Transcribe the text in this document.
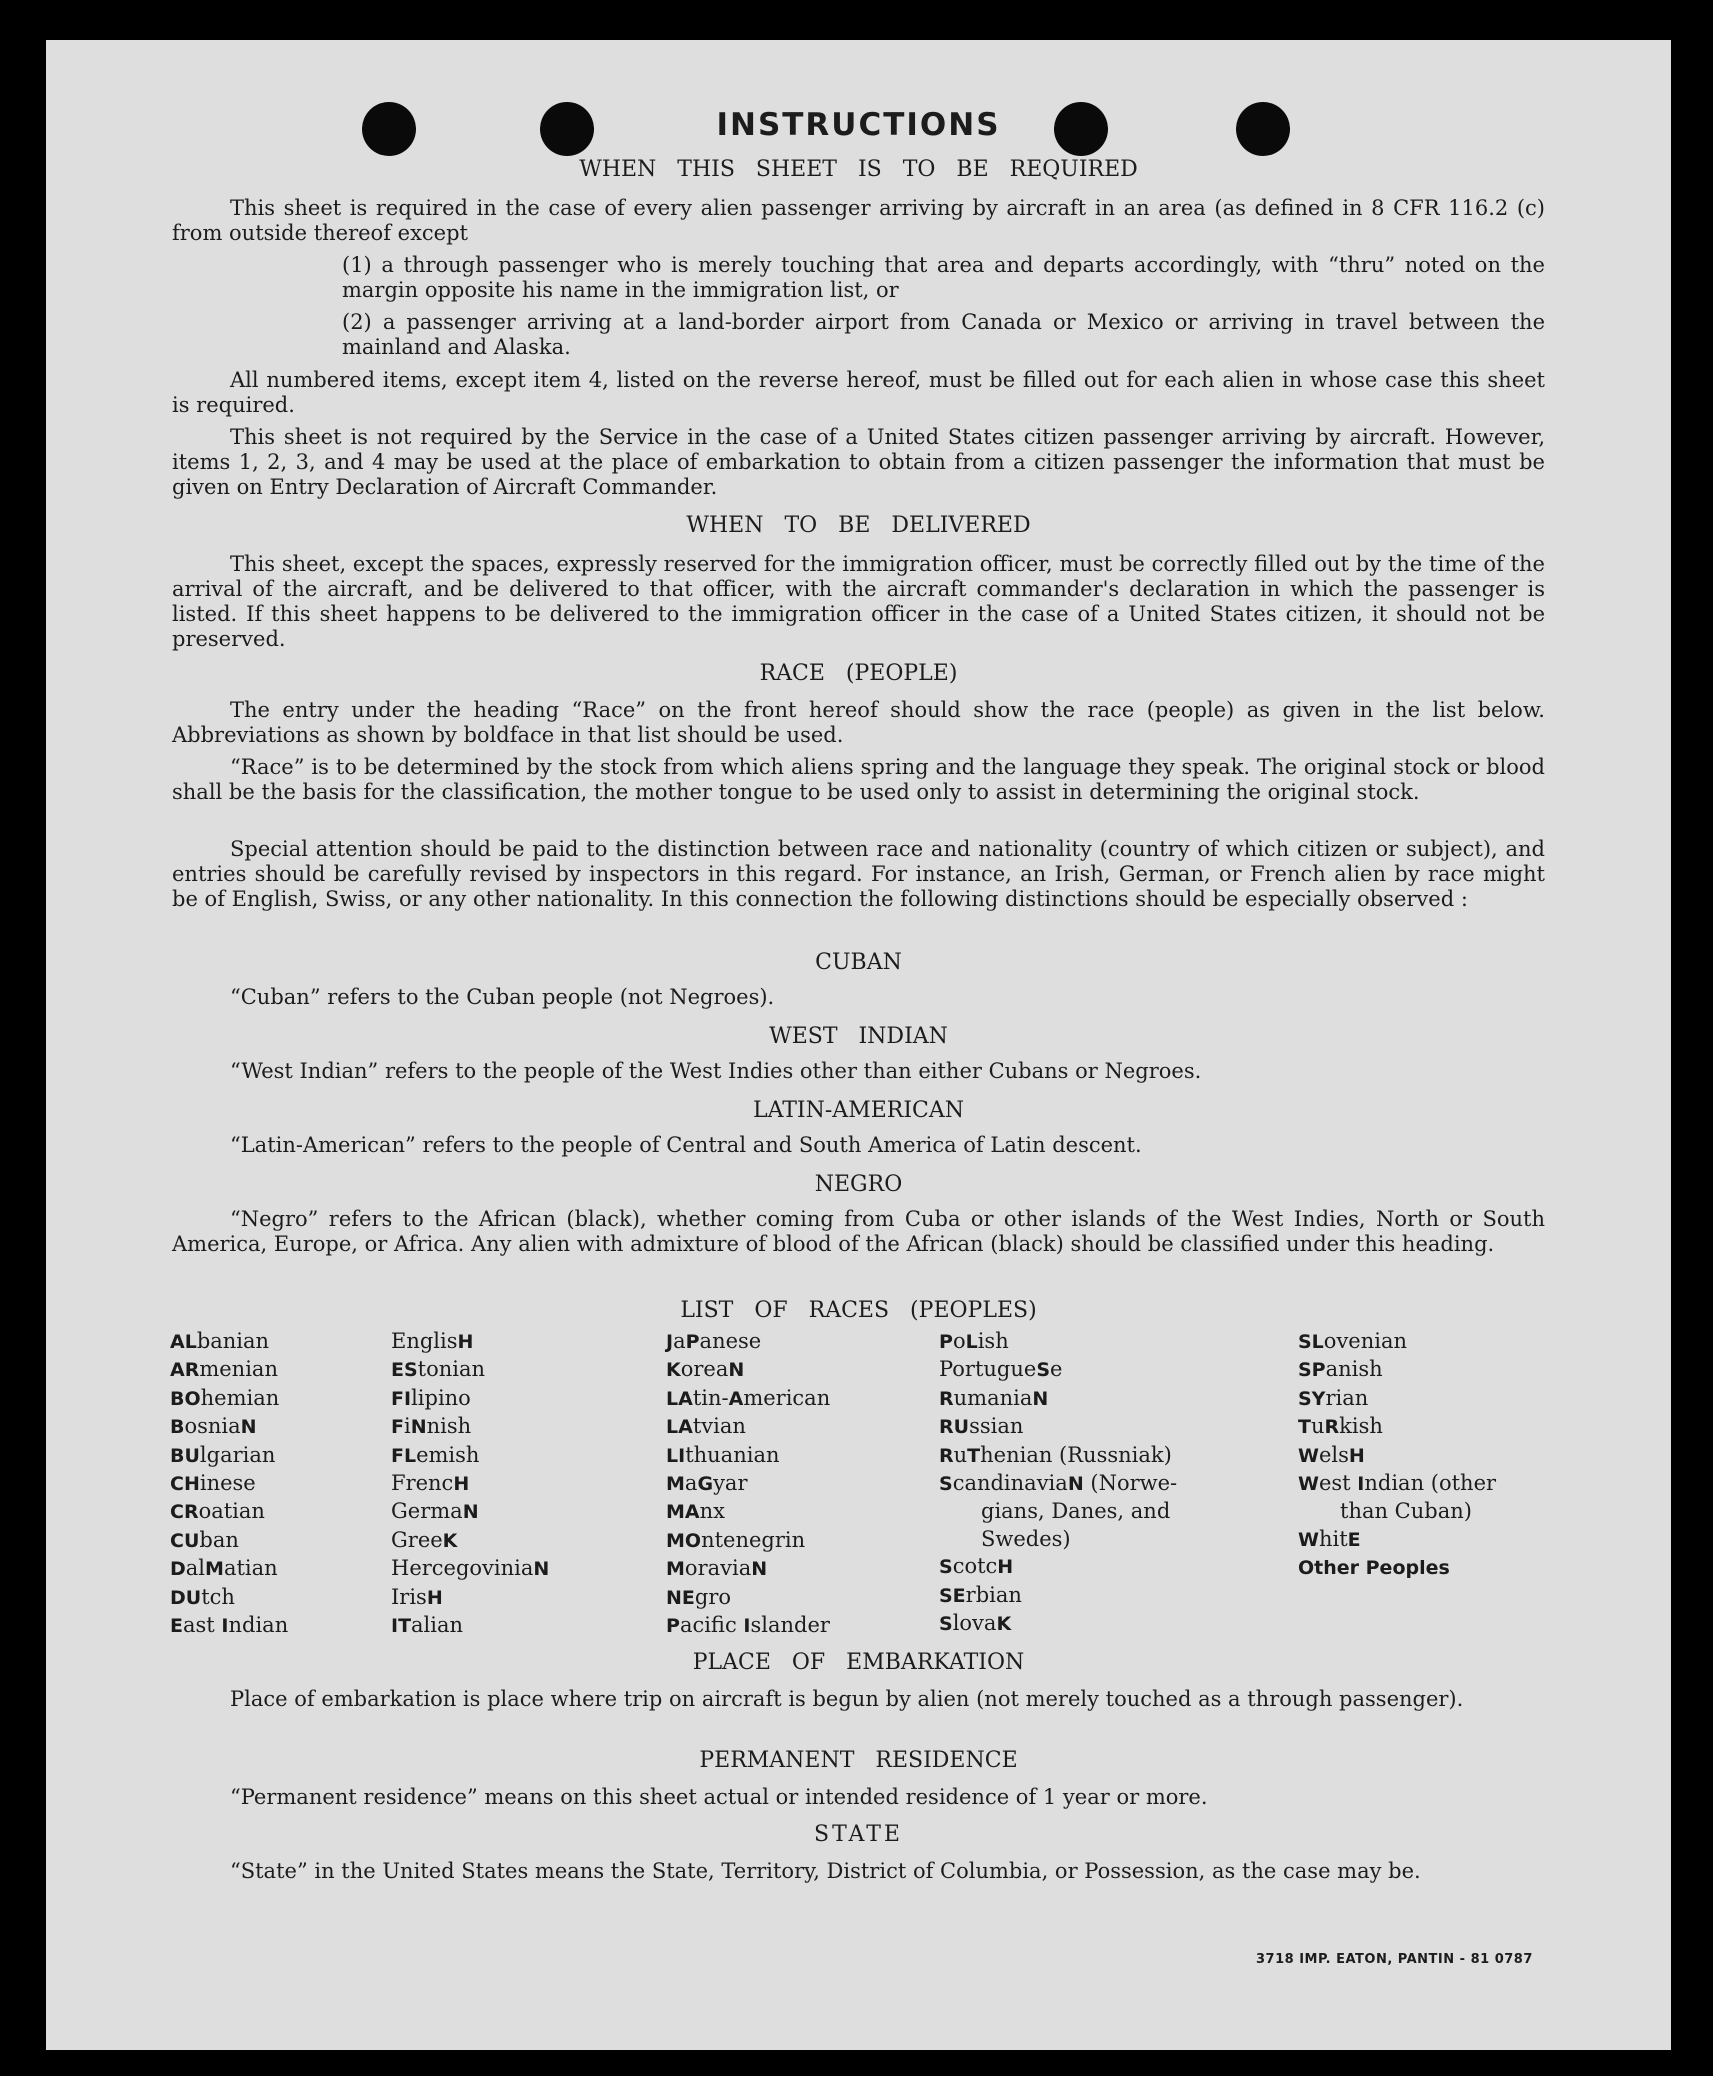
INSTRUCTIONS
WHEN THIS SHEET IS TO BE REQUIRED

This sheet is required in the case of every alien passenger arriving by aircraft in an area (as defined in 8 CFR 116.2 (c) from outside thereof except

(1) a through passenger who is merely touching that area and departs accordingly, with “thru” noted on the margin opposite his name in the immigration list, or

(2) a passenger arriving at a land-border airport from Canada or Mexico or arriving in travel between the mainland and Alaska.

All numbered items, except item 4, listed on the reverse hereof, must be filled out for each alien in whose case this sheet is required.

This sheet is not required by the Service in the case of a United States citizen passenger arriving by aircraft. However, items 1, 2, 3, and 4 may be used at the place of embarkation to obtain from a citizen passenger the information that must be given on Entry Declaration of Aircraft Commander.

WHEN TO BE DELIVERED

This sheet, except the spaces, expressly reserved for the immigration officer, must be correctly filled out by the time of the arrival of the aircraft, and be delivered to that officer, with the aircraft commander's declaration in which the passenger is listed. If this sheet happens to be delivered to the immigration officer in the case of a United States citizen, it should not be preserved.

RACE (PEOPLE)

The entry under the heading “Race” on the front hereof should show the race (people) as given in the list below. Abbreviations as shown by boldface in that list should be used.

“Race” is to be determined by the stock from which aliens spring and the language they speak. The original stock or blood shall be the basis for the classification, the mother tongue to be used only to assist in determining the original stock.

Special attention should be paid to the distinction between race and nationality (country of which citizen or subject), and entries should be carefully revised by inspectors in this regard. For instance, an Irish, German, or French alien by race might be of English, Swiss, or any other nationality. In this connection the following distinctions should be especially observed :

CUBAN

“Cuban” refers to the Cuban people (not Negroes).

WEST INDIAN

“West Indian” refers to the people of the West Indies other than either Cubans or Negroes.

LATIN-AMERICAN

“Latin-American” refers to the people of Central and South America of Latin descent.

NEGRO

“Negro” refers to the African (black), whether coming from Cuba or other islands of the West Indies, North or South America, Europe, or Africa. Any alien with admixture of blood of the African (black) should be classified under this heading.

LIST OF RACES (PEOPLES)
ALbanian
ARmenian
BOhemian
BosniaN
BUlgarian
CHinese
CRoatian
CUban
DalMatian
DUtch
East Indian
EnglisH
EStonian
FIlipino
FiNnish
FLemish
FrencH
GermaN
GreeK
HercegoviniaN
IrisH
ITalian
JaPanese
KoreaN
LAtin-American
LAtvian
LIthuanian
MaGyar
MAnx
MOntenegrin
MoraviaN
NEgro
Pacific Islander
PoLish
PortugueSe
RumaniaN
RUssian
RuThenian (Russniak)
ScandinaviaN (Norwe-
gians, Danes, and
Swedes)
ScotcH
SErbian
SlovaK
SLovenian
SPanish
SYrian
TuRkish
WelsH
West Indian (other
than Cuban)
WhitE
Other Peoples
PLACE OF EMBARKATION

Place of embarkation is place where trip on aircraft is begun by alien (not merely touched as a through passenger).

PERMANENT RESIDENCE

“Permanent residence” means on this sheet actual or intended residence of 1 year or more.

STATE

“State” in the United States means the State, Territory, District of Columbia, or Possession, as the case may be.

3718 IMP. EATON, PANTIN - 81 0787
